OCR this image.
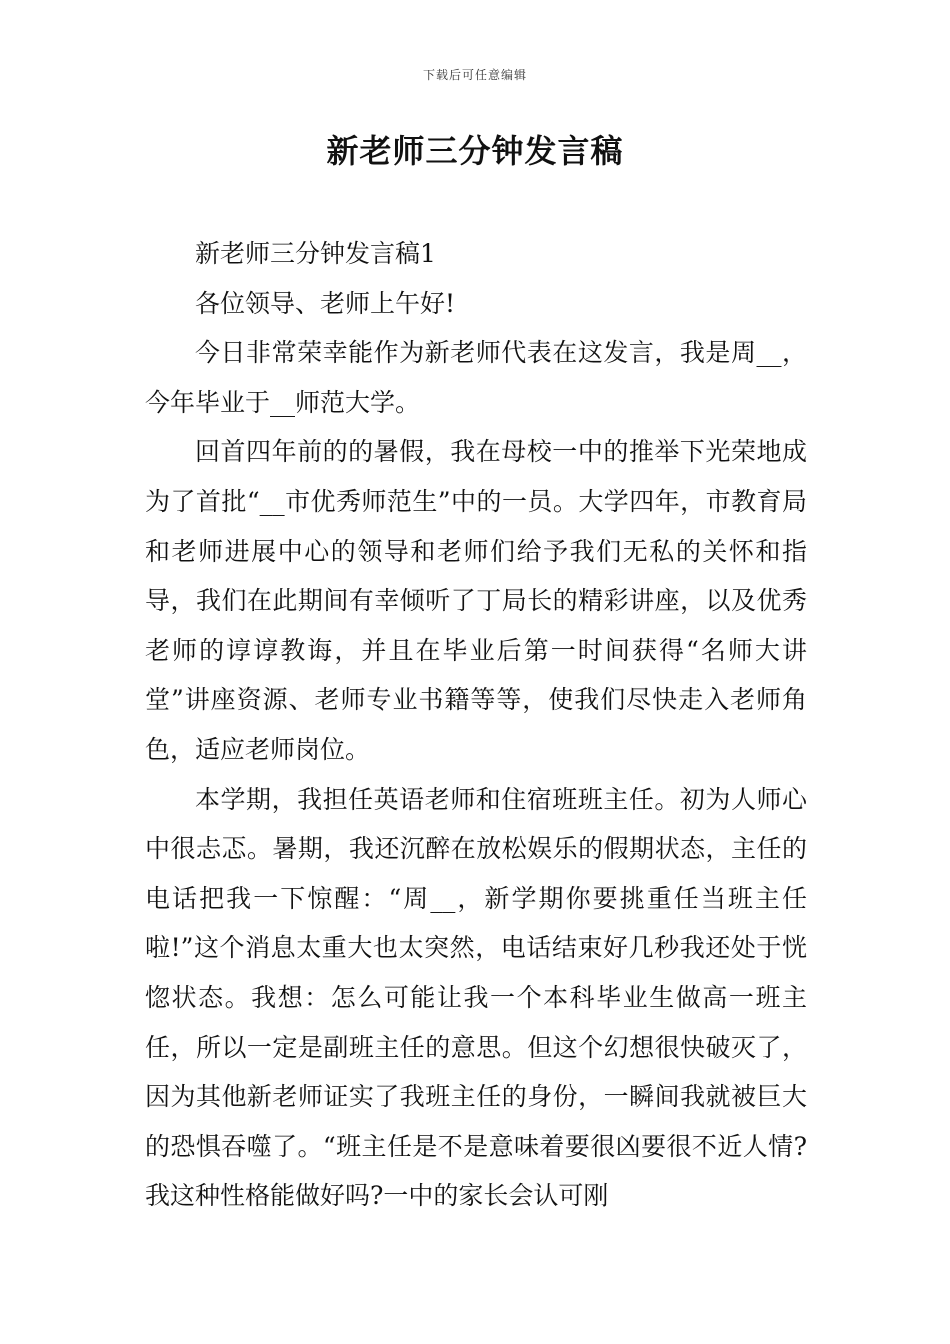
下载后可任意编辑
新老师三分钟发言稿

新老师三分钟发言稿1

各位领导、老师上午好!

今日非常荣幸能作为新老师代表在这发言，我是周__，今年毕业于__师范大学。

回首四年前的的暑假，我在母校一中的推举下光荣地成为了首批“__市优秀师范生”中的一员。大学四年，市教育局和老师进展中心的领导和老师们给予我们无私的关怀和指导，我们在此期间有幸倾听了丁局长的精彩讲座，以及优秀老师的谆谆教诲，并且在毕业后第一时间获得“名师大讲堂”讲座资源、老师专业书籍等等，使我们尽快走入老师角色，适应老师岗位。

本学期，我担任英语老师和住宿班班主任。初为人师心中很忐忑。暑期，我还沉醉在放松娱乐的假期状态，主任的电话把我一下惊醒：“周__，新学期你要挑重任当班主任啦!”这个消息太重大也太突然，电话结束好几秒我还处于恍惚状态。我想：怎么可能让我一个本科毕业生做高一班主任，所以一定是副班主任的意思。但这个幻想很快破灭了，因为其他新老师证实了我班主任的身份，一瞬间我就被巨大的恐惧吞噬了。“班主任是不是意味着要很凶要很不近人情?我这种性格能做好吗?一中的家长会认可刚
